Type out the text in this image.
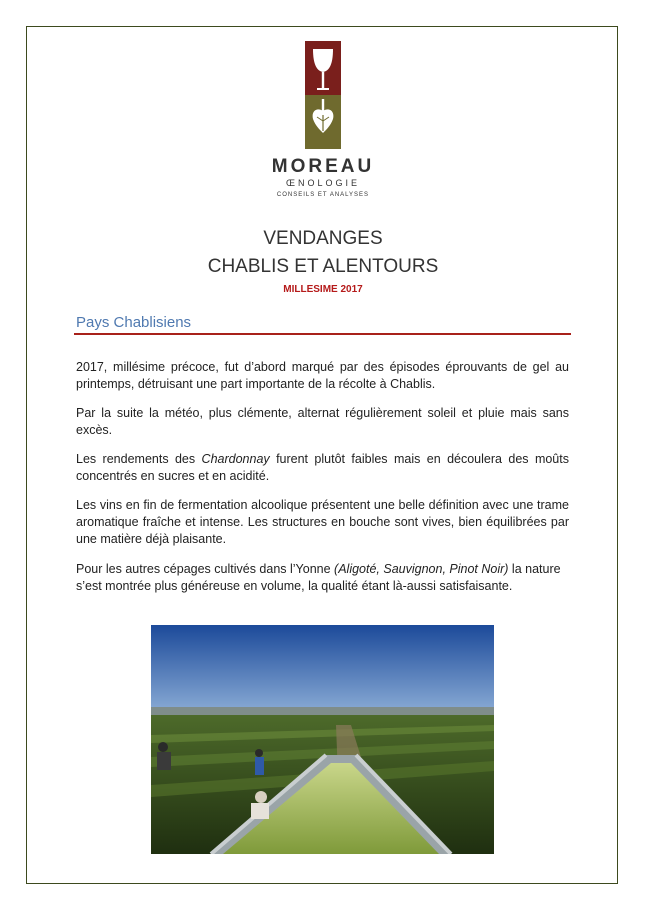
MOREAU
ŒNOLOGIE
CONSEILS ET ANALYSES
VENDANGES
CHABLIS ET ALENTOURS
MILLESIME 2017
Pays Chablisiens
2017, millésime précoce, fut d’abord marqué par des épisodes éprouvants de gel au printemps, détruisant une part importante de la récolte à Chablis.
Par la suite la météo, plus clémente, alternat régulièrement soleil et pluie mais sans excès.
Les rendements des Chardonnay furent plutôt faibles mais en découlera des moûts concentrés en sucres et en acidité.
Les vins en fin de fermentation alcoolique présentent une belle définition avec une trame aromatique fraîche et intense. Les structures en bouche sont vives, bien équilibrées par une matière déjà plaisante.
Pour les autres cépages cultivés dans l’Yonne (Aligoté, Sauvignon, Pinot Noir) la nature s’est montrée plus généreuse en volume, la qualité étant là-aussi satisfaisante.
